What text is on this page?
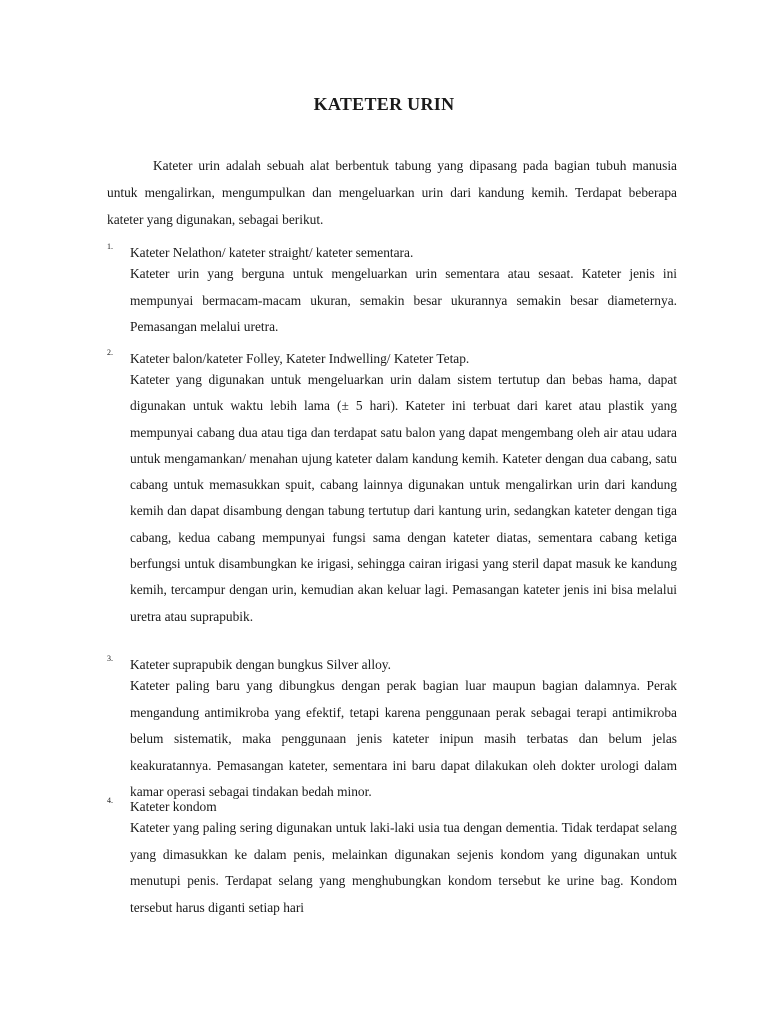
KATETER URIN

Kateter urin adalah sebuah alat berbentuk tabung yang dipasang pada bagian tubuh manusia untuk mengalirkan, mengumpulkan dan mengeluarkan urin dari kandung kemih. Terdapat beberapa kateter yang digunakan, sebagai berikut.

1. Kateter Nelathon/ kateter straight/ kateter sementara.

Kateter urin yang berguna untuk mengeluarkan urin sementara atau sesaat. Kateter jenis ini mempunyai bermacam-macam ukuran, semakin besar ukurannya semakin besar diameternya. Pemasangan melalui uretra.

2. Kateter balon/kateter Folley, Kateter Indwelling/ Kateter Tetap.

Kateter yang digunakan untuk mengeluarkan urin dalam sistem tertutup dan bebas hama, dapat digunakan untuk waktu lebih lama (± 5 hari). Kateter ini terbuat dari karet atau plastik yang mempunyai cabang dua atau tiga dan terdapat satu balon yang dapat mengembang oleh air atau udara untuk mengamankan/ menahan ujung kateter dalam kandung kemih. Kateter dengan dua cabang, satu cabang untuk memasukkan spuit, cabang lainnya digunakan untuk mengalirkan urin dari kandung kemih dan dapat disambung dengan tabung tertutup dari kantung urin, sedangkan kateter dengan tiga cabang, kedua cabang mempunyai fungsi sama dengan kateter diatas, sementara cabang ketiga berfungsi untuk disambungkan ke irigasi, sehingga cairan irigasi yang steril dapat masuk ke kandung kemih, tercampur dengan urin, kemudian akan keluar lagi. Pemasangan kateter jenis ini bisa melalui uretra atau suprapubik.

3. Kateter suprapubik dengan bungkus Silver alloy.

Kateter paling baru yang dibungkus dengan perak bagian luar maupun bagian dalamnya. Perak mengandung antimikroba yang efektif, tetapi karena penggunaan perak sebagai terapi antimikroba belum sistematik, maka penggunaan jenis kateter inipun masih terbatas dan belum jelas keakuratannya. Pemasangan kateter, sementara ini baru dapat dilakukan oleh dokter urologi dalam kamar operasi sebagai tindakan bedah minor.

4. Kateter kondom

Kateter yang paling sering digunakan untuk laki-laki usia tua dengan dementia. Tidak terdapat selang yang dimasukkan ke dalam penis, melainkan digunakan sejenis kondom yang digunakan untuk menutupi penis. Terdapat selang yang menghubungkan kondom tersebut ke urine bag. Kondom tersebut harus diganti setiap hari
